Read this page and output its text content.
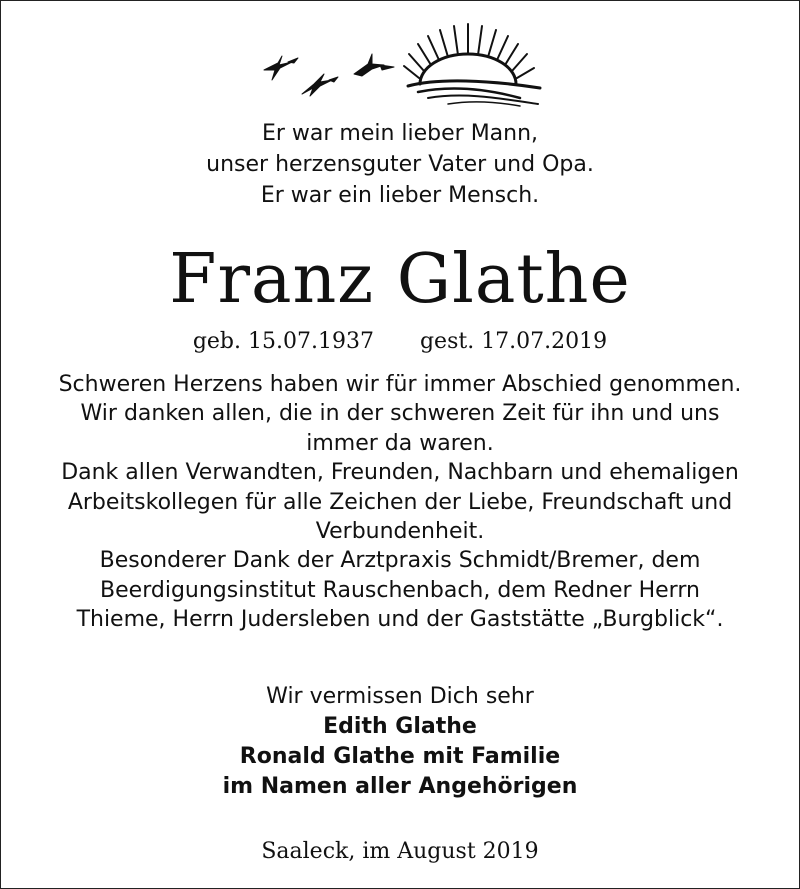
Er war mein lieber Mann,
unser herzensguter Vater und Opa.
Er war ein lieber Mensch.
Franz Glathe
geb. 15.07.1937 gest. 17.07.2019
Schweren Herzens haben wir für immer Abschied genommen.
Wir danken allen, die in der schweren Zeit für ihn und uns
immer da waren.
Dank allen Verwandten, Freunden, Nachbarn und ehemaligen
Arbeitskollegen für alle Zeichen der Liebe, Freundschaft und
Verbundenheit.
Besonderer Dank der Arztpraxis Schmidt/Bremer, dem
Beerdigungsinstitut Rauschenbach, dem Redner Herrn
Thieme, Herrn Judersleben und der Gaststätte „Burgblick“.
Wir vermissen Dich sehr
Edith Glathe
Ronald Glathe mit Familie
im Namen aller Angehörigen
Saaleck, im August 2019
